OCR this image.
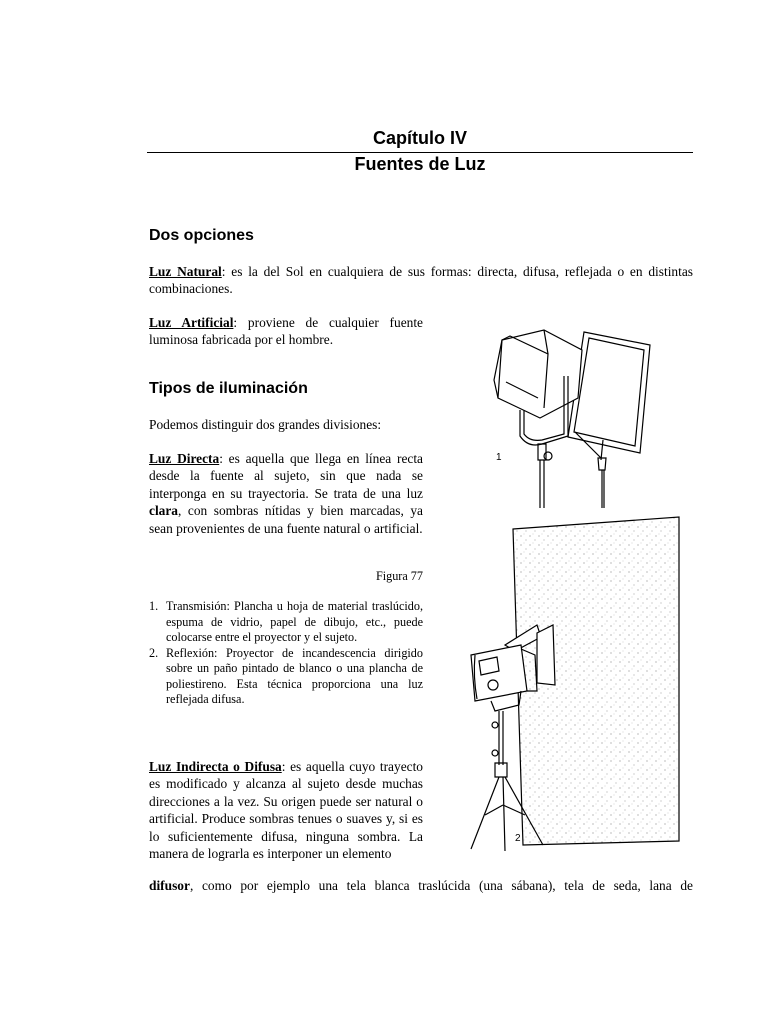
Capítulo IV
Fuentes de Luz
Dos opciones

Luz Natural: es la del Sol en cualquiera de sus formas: directa, difusa, reflejada o en distintas combinaciones.

Luz Artificial: proviene de cualquier fuente luminosa fabricada por el hombre.

Tipos de iluminación

Podemos distinguir dos grandes divisiones:

Luz Directa: es aquella que llega en línea recta desde la fuente al sujeto, sin que nada se interponga en su trayectoria. Se trata de una luz clara, con sombras nítidas y bien marcadas, ya sean provenientes de una fuente natural o artificial.

Figura 77

1. Transmisión: Plancha u hoja de material traslúcido, espuma de vidrio, papel de dibujo, etc., puede colocarse entre el proyector y el sujeto.
2. Reflexión: Proyector de incandescencia dirigido sobre un paño pintado de blanco o una plancha de poliestireno. Esta técnica proporciona una luz reflejada difusa.

Luz Indirecta o Difusa: es aquella cuyo trayecto es modificado y alcanza al sujeto desde muchas direcciones a la vez. Su origen puede ser natural o artificial. Produce sombras tenues o suaves y, si es lo suficientemente difusa, ninguna sombra. La manera de lograrla es interponer un elemento

difusor, como por ejemplo una tela blanca traslúcida (una sábana), tela de seda, lana de

1
2
